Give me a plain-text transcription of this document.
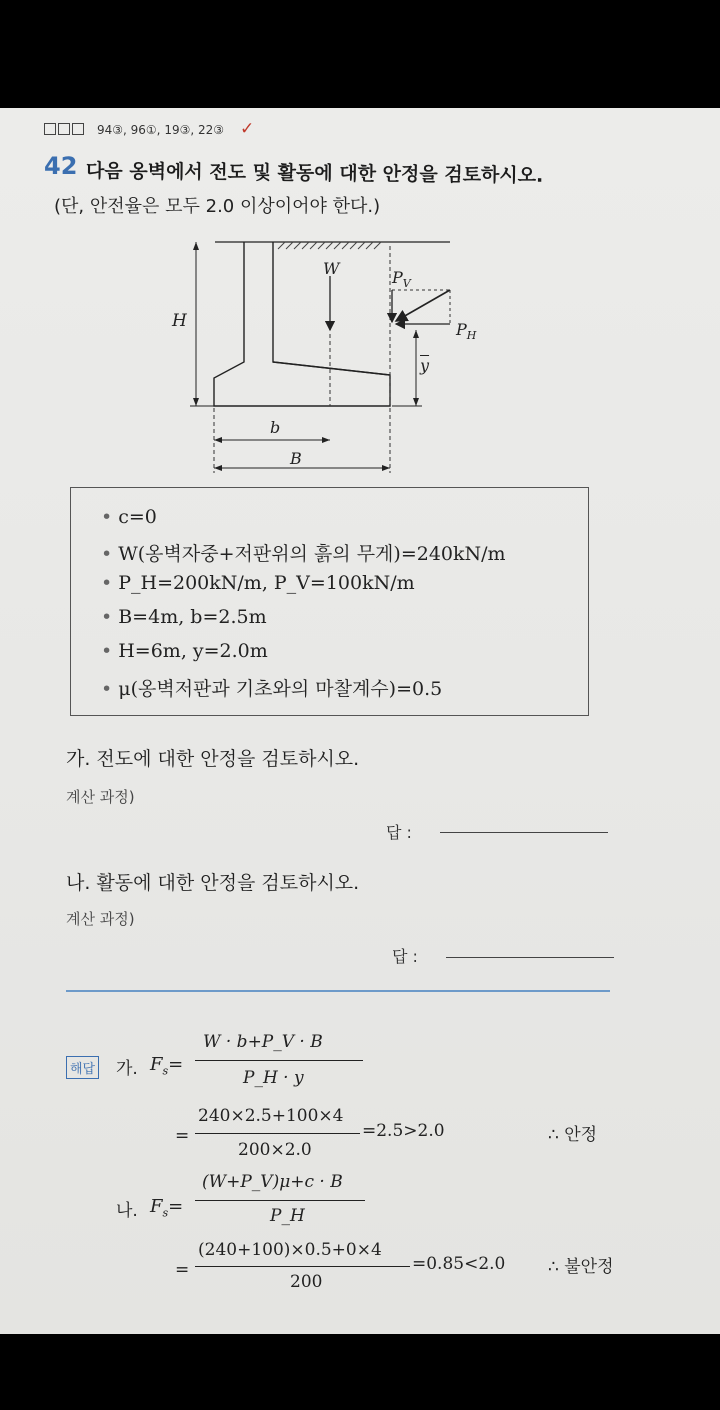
94③, 96①, 19③, 22③ ✓
42 다음 옹벽에서 전도 및 활동에 대한 안정을 검토하시오.
(단, 안전율은 모두 2.0 이상이어야 한다.)
H
W	$P_V$
$P_H$
$\overline{y}$
b
B
• c=0
• W(옹벽자중+저판위의 흙의 무게)=240kN/m
• P_H=200kN/m, P_V=100kN/m
• B=4m, b=2.5m
• H=6m, y=2.0m
• μ(옹벽저판과 기초와의 마찰계수)=0.5
가. 전도에 대한 안정을 검토하시오.
계산 과정)
답 :
나. 활동에 대한 안정을 검토하시오.
계산 과정)
답 :
해답 가. $F_s=$
W · b+P_V · B
P_H · y
=
240×2.5+100×4
200×2.0
=2.5>2.0	∴ 안정
나. $F_s=$
(W+P_V)μ+c · B
P_H
=
(240+100)×0.5+0×4
200
=0.85<2.0	∴ 불안정
